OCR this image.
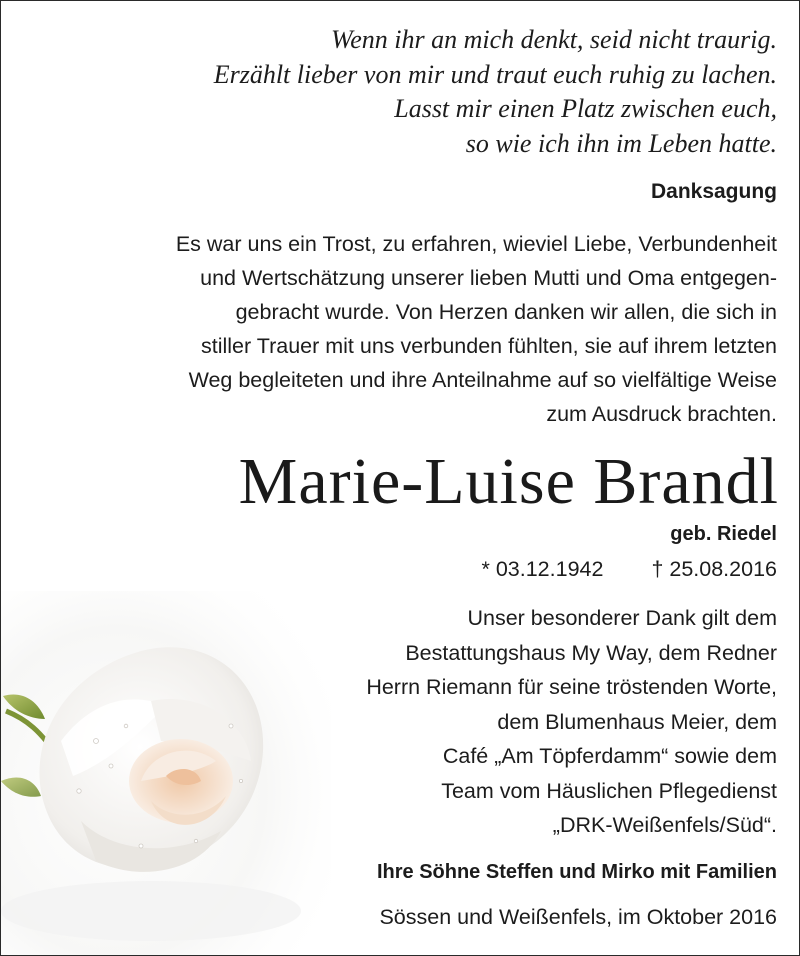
Wenn ihr an mich denkt, seid nicht traurig.
Erzählt lieber von mir und traut euch ruhig zu lachen.
Lasst mir einen Platz zwischen euch,
so wie ich ihn im Leben hatte.
Danksagung
Es war uns ein Trost, zu erfahren, wieviel Liebe, Verbundenheit
und Wertschätzung unserer lieben Mutti und Oma entgegen-
gebracht wurde. Von Herzen danken wir allen, die sich in
stiller Trauer mit uns verbunden fühlten, sie auf ihrem letzten
Weg begleiteten und ihre Anteilnahme auf so vielfältige Weise
zum Ausdruck brachten.
Marie-Luise Brandl
geb. Riedel
* 03.12.1942 † 25.08.2016
Unser besonderer Dank gilt dem
Bestattungshaus My Way, dem Redner
Herrn Riemann für seine tröstenden Worte,
dem Blumenhaus Meier, dem
Café „Am Töpferdamm“ sowie dem
Team vom Häuslichen Pflegedienst
„DRK-Weißenfels/Süd“.
Ihre Söhne Steffen und Mirko mit Familien
Sössen und Weißenfels, im Oktober 2016
